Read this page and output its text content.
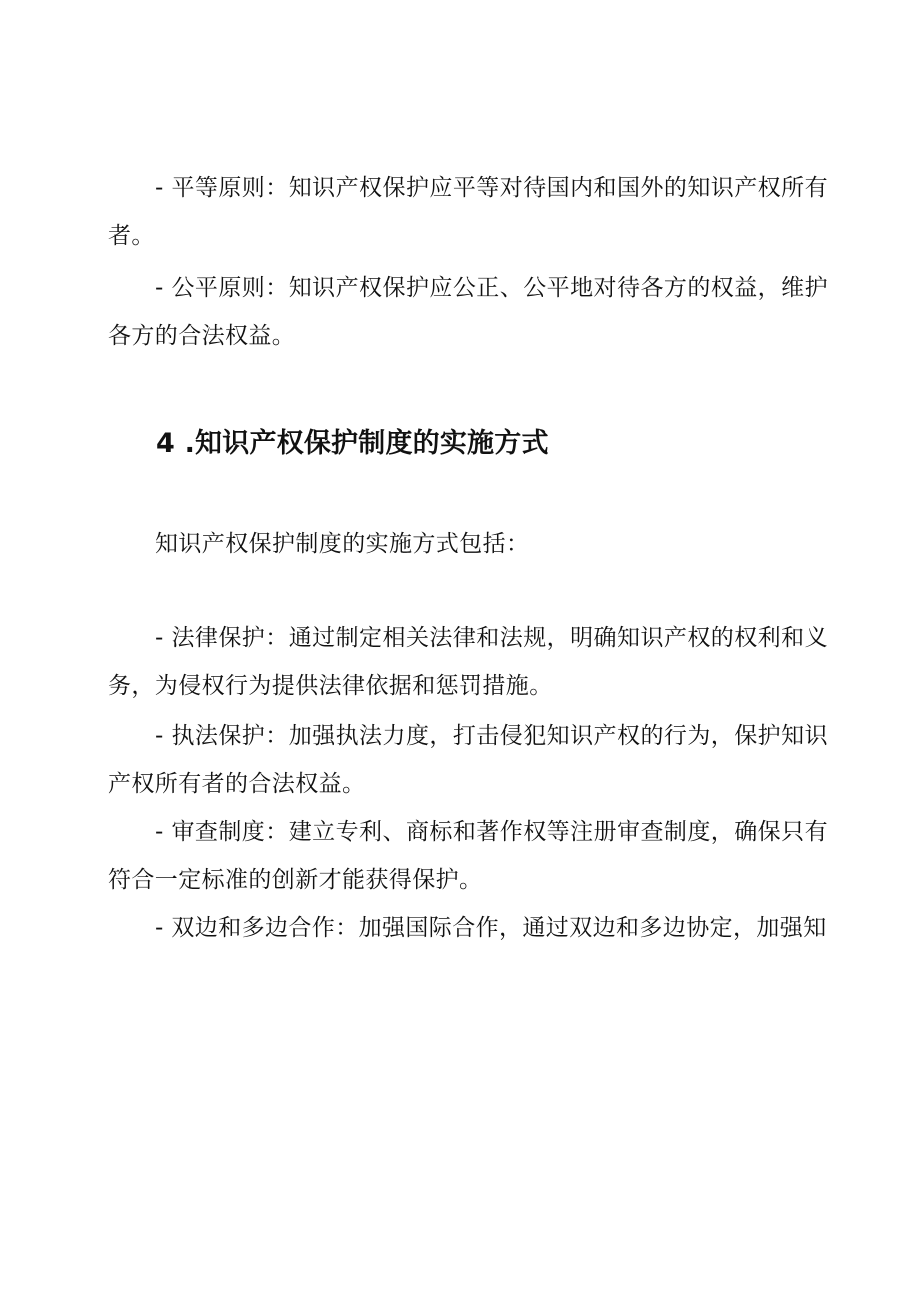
- 平等原则：知识产权保护应平等对待国内和国外的知识产权所有者。

- 公平原则：知识产权保护应公正、公平地对待各方的权益，维护各方的合法权益。

4 .知识产权保护制度的实施方式

知识产权保护制度的实施方式包括：

- 法律保护：通过制定相关法律和法规，明确知识产权的权利和义务，为侵权行为提供法律依据和惩罚措施。

- 执法保护：加强执法力度，打击侵犯知识产权的行为，保护知识产权所有者的合法权益。

- 审查制度：建立专利、商标和著作权等注册审查制度，确保只有符合一定标准的创新才能获得保护。

- 双边和多边合作：加强国际合作，通过双边和多边协定，加强知
